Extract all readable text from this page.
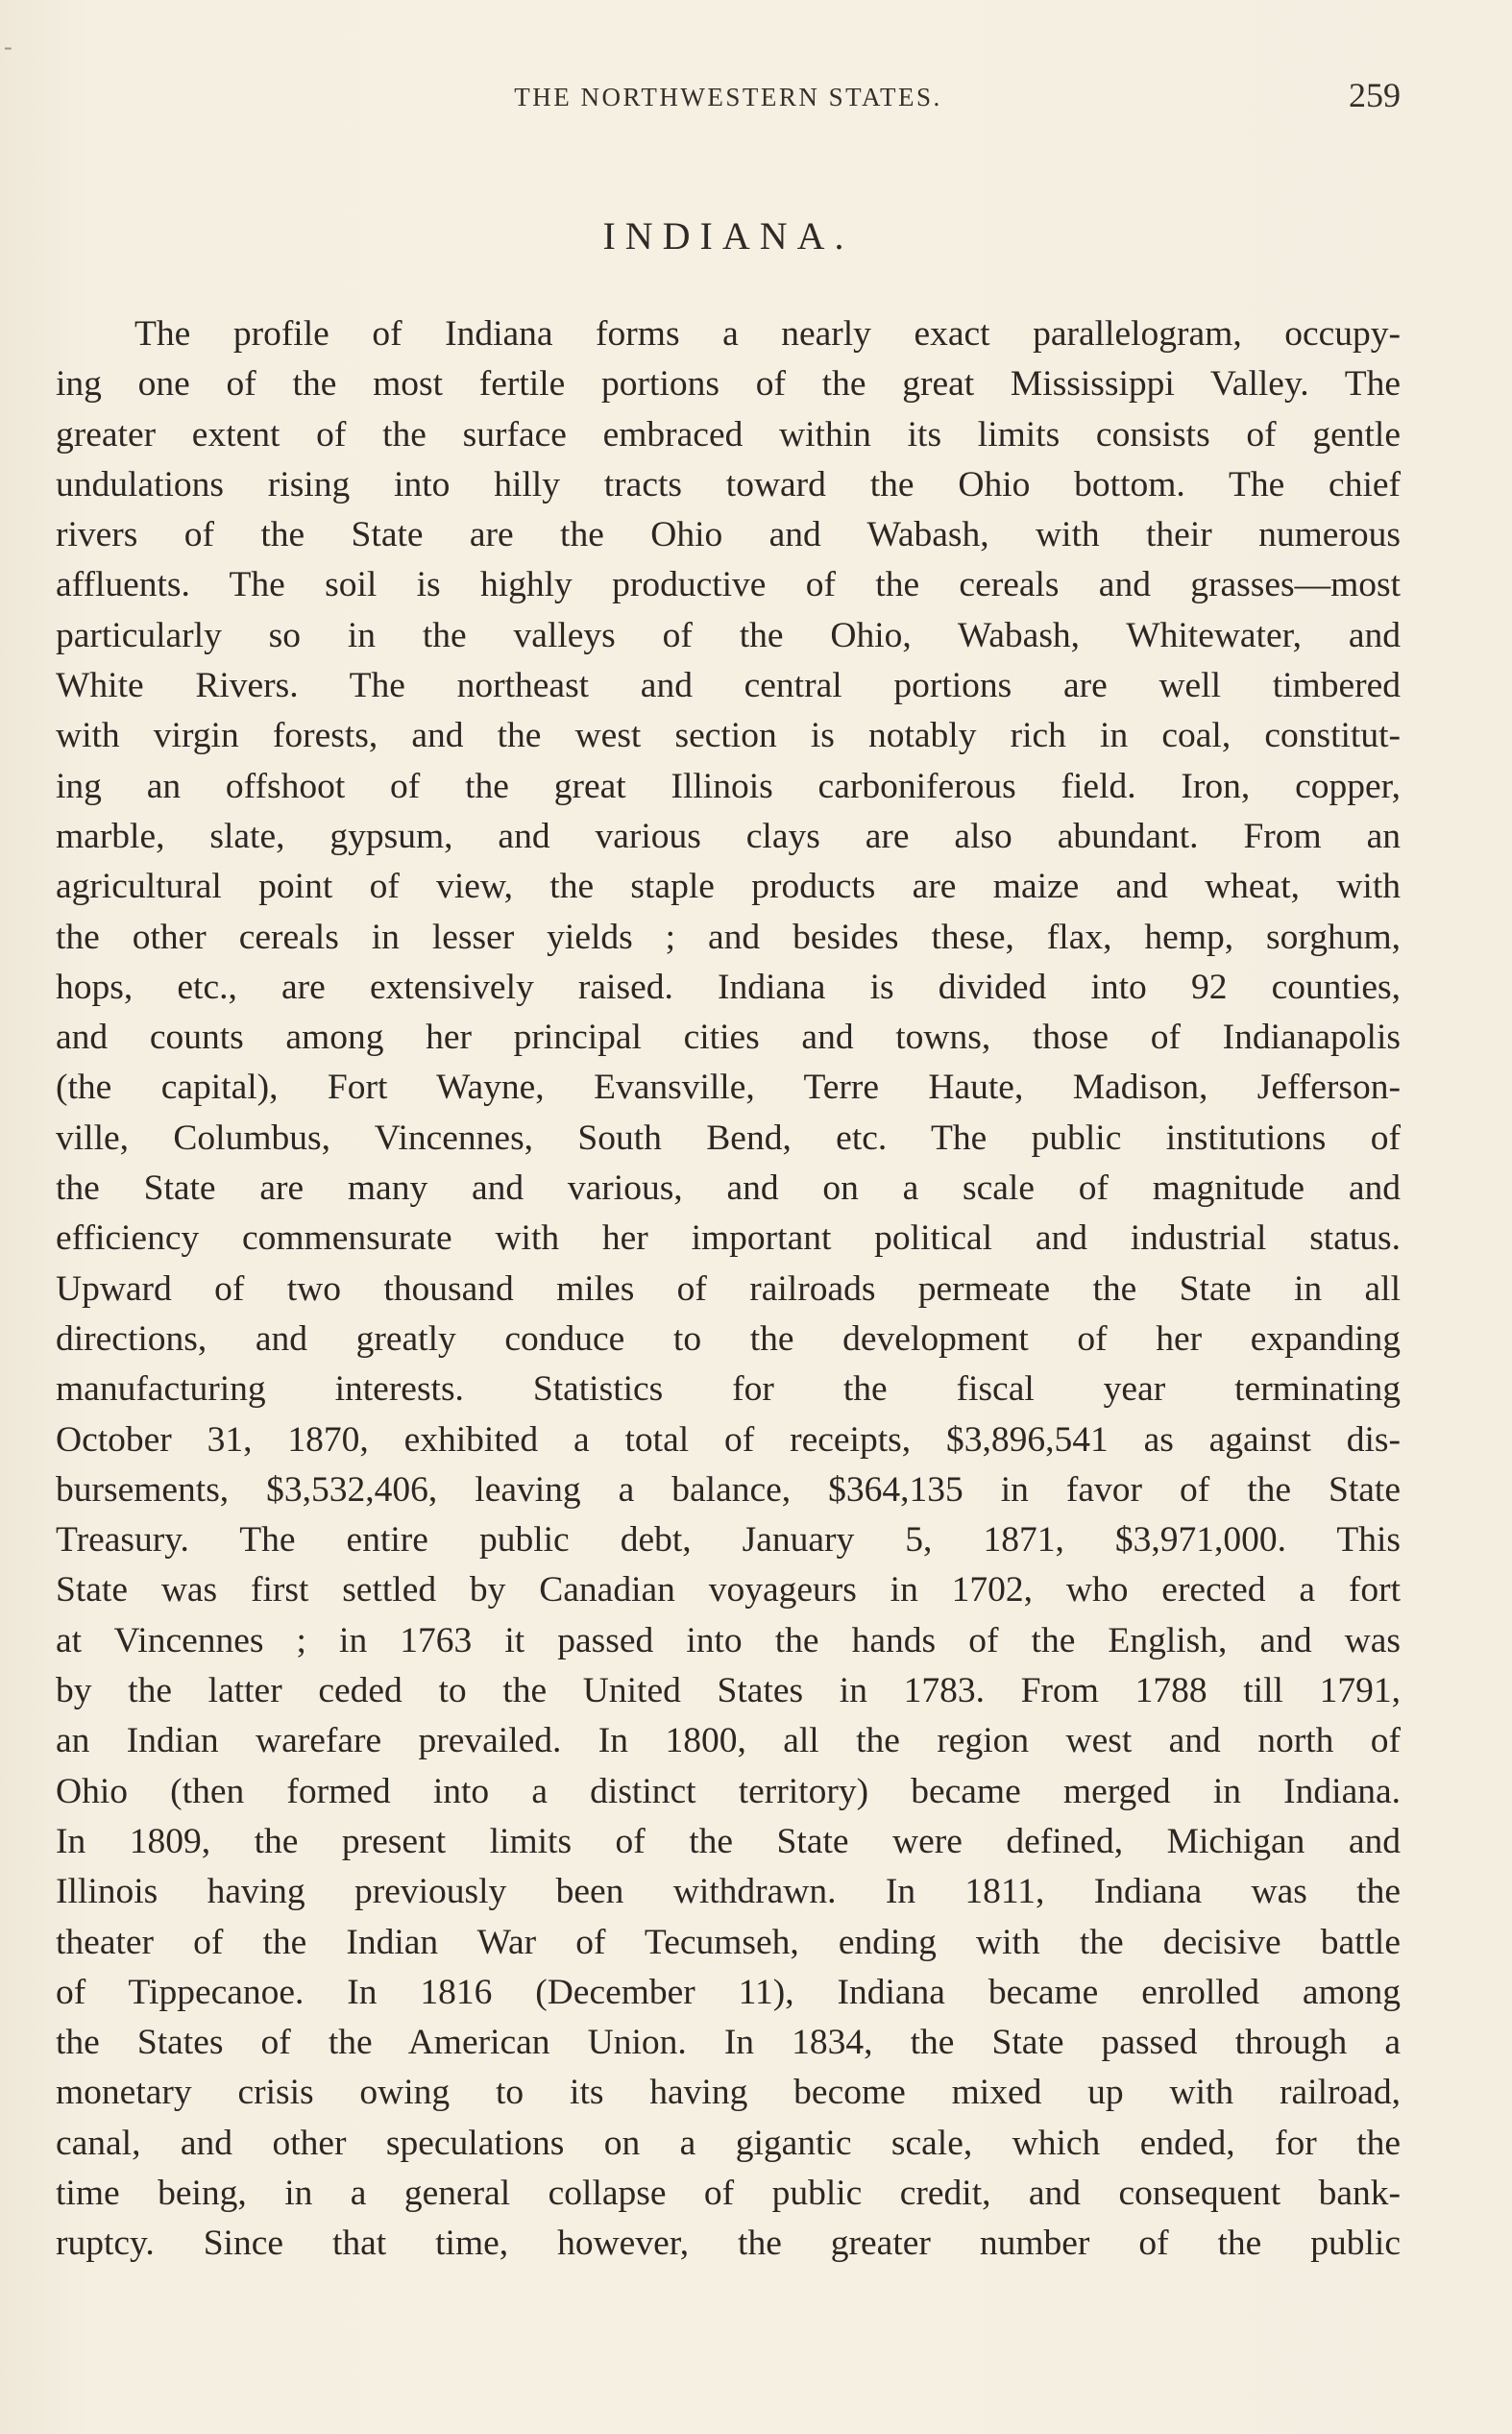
-
THE NORTHWESTERN STATES.	259
INDIANA.
The profile of Indiana forms a nearly exact parallelogram, occupy-
ing one of the most fertile portions of the great Mississippi Valley. The
greater extent of the surface embraced within its limits consists of gentle
undulations rising into hilly tracts toward the Ohio bottom. The chief
rivers of the State are the Ohio and Wabash, with their numerous
affluents. The soil is highly productive of the cereals and grasses—most
particularly so in the valleys of the Ohio, Wabash, Whitewater, and
White Rivers. The northeast and central portions are well timbered
with virgin forests, and the west section is notably rich in coal, constitut-
ing an offshoot of the great Illinois carboniferous field. Iron, copper,
marble, slate, gypsum, and various clays are also abundant. From an
agricultural point of view, the staple products are maize and wheat, with
the other cereals in lesser yields ; and besides these, flax, hemp, sorghum,
hops, etc., are extensively raised. Indiana is divided into 92 counties,
and counts among her principal cities and towns, those of Indianapolis
(the capital), Fort Wayne, Evansville, Terre Haute, Madison, Jefferson-
ville, Columbus, Vincennes, South Bend, etc. The public institutions of
the State are many and various, and on a scale of magnitude and
efficiency commensurate with her important political and industrial status.
Upward of two thousand miles of railroads permeate the State in all
directions, and greatly conduce to the development of her expanding
manufacturing interests. Statistics for the fiscal year terminating
October 31, 1870, exhibited a total of receipts, $3,896,541 as against dis-
bursements, $3,532,406, leaving a balance, $364,135 in favor of the State
Treasury. The entire public debt, January 5, 1871, $3,971,000. This
State was first settled by Canadian voyageurs in 1702, who erected a fort
at Vincennes ; in 1763 it passed into the hands of the English, and was
by the latter ceded to the United States in 1783. From 1788 till 1791,
an Indian warefare prevailed. In 1800, all the region west and north of
Ohio (then formed into a distinct territory) became merged in Indiana.
In 1809, the present limits of the State were defined, Michigan and
Illinois having previously been withdrawn. In 1811, Indiana was the
theater of the Indian War of Tecumseh, ending with the decisive battle
of Tippecanoe. In 1816 (December 11), Indiana became enrolled among
the States of the American Union. In 1834, the State passed through a
monetary crisis owing to its having become mixed up with railroad,
canal, and other speculations on a gigantic scale, which ended, for the
time being, in a general collapse of public credit, and consequent bank-
ruptcy. Since that time, however, the greater number of the public
